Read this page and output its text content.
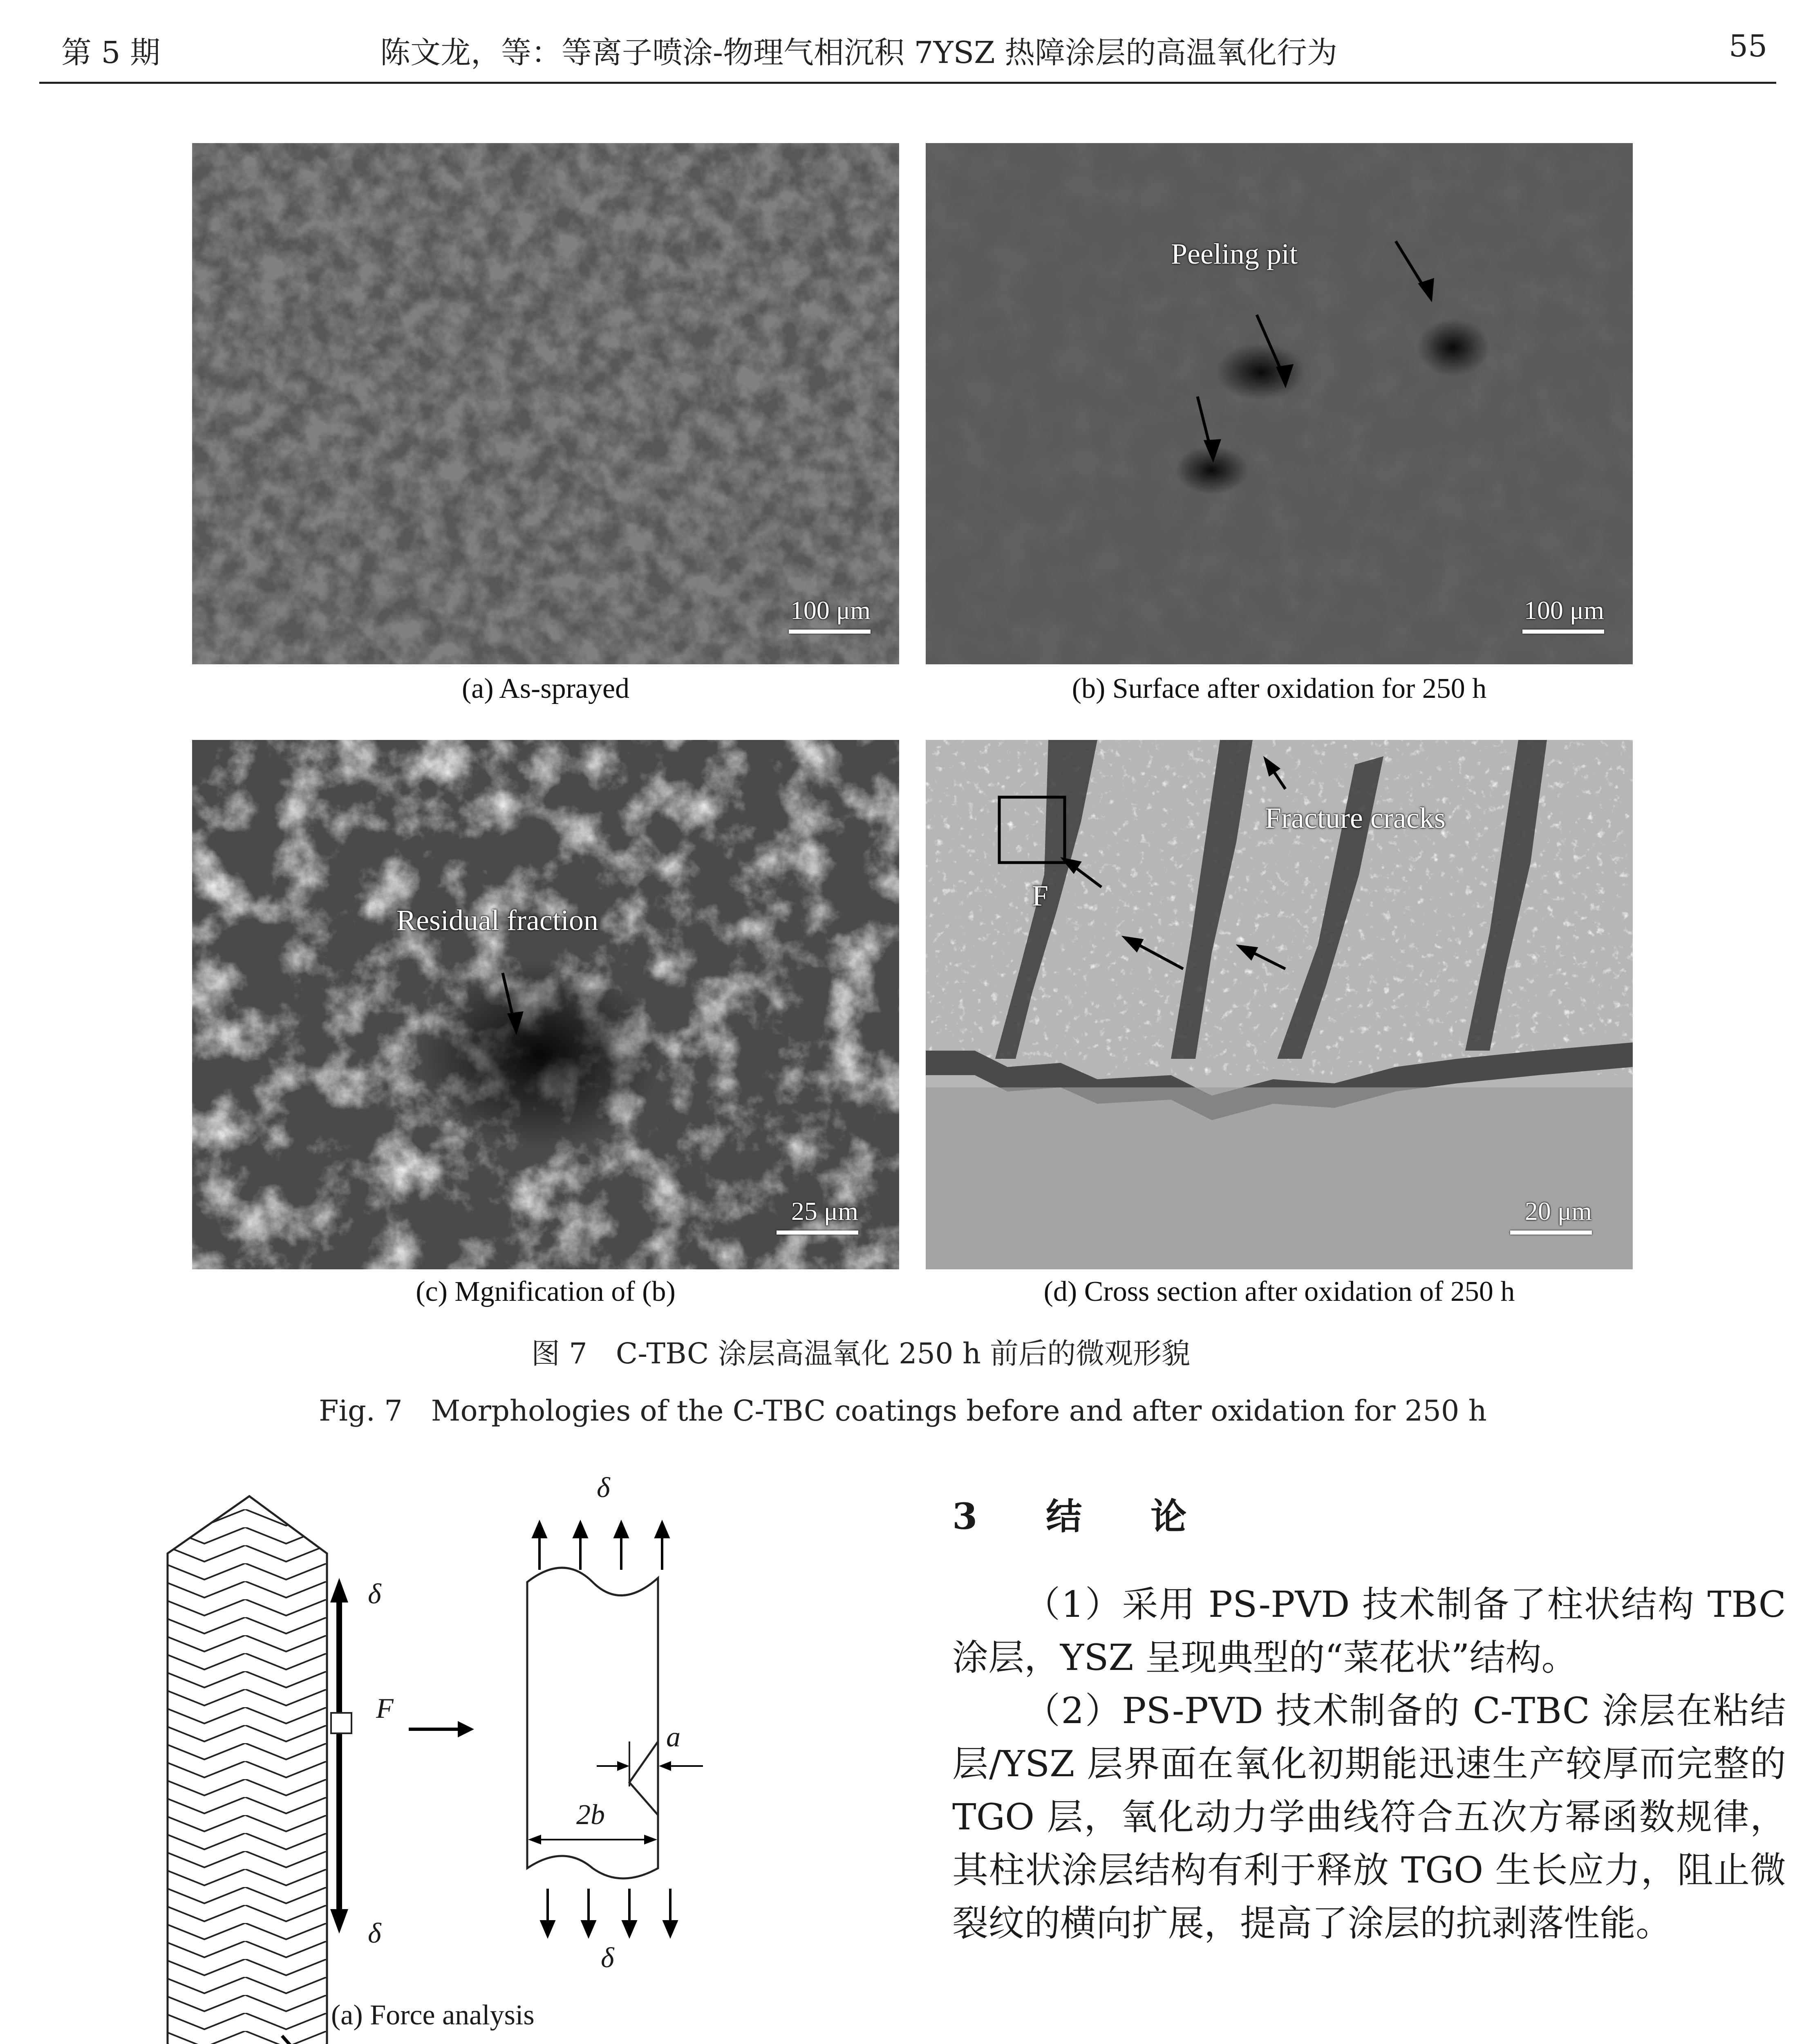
第 5 期	陈文龙，等：等离子喷涂-物理气相沉积 7YSZ 热障涂层的高温氧化行为	55
100 μm
(a) As-sprayed
Peeling pit
100 μm
(b) Surface after oxidation for 250 h
Residual fraction
25 μm
(c) Mgnification of (b)
Fracture cracks
F
20 μm
(d) Cross section after oxidation of 250 h
图 7　C-TBC 涂层高温氧化 250 h 前后的微观形貌
Fig. 7　Morphologies of the C-TBC coatings before and after oxidation for 250 h
δ
δ
F
δ
δ
a
2b
(a) Force analysis
3　结　论
（1）采用 PS-PVD 技术制备了柱状结构 TBC 涂层，YSZ 呈现典型的“菜花状”结构。
（2）PS-PVD 技术制备的 C-TBC 涂层在粘结层/YSZ 层界面在氧化初期能迅速生产较厚而完整的 TGO 层，氧化动力学曲线符合五次方幂函数规律，其柱状涂层结构有利于释放 TGO 生长应力，阻止微裂纹的横向扩展，提高了涂层的抗剥落性能。
